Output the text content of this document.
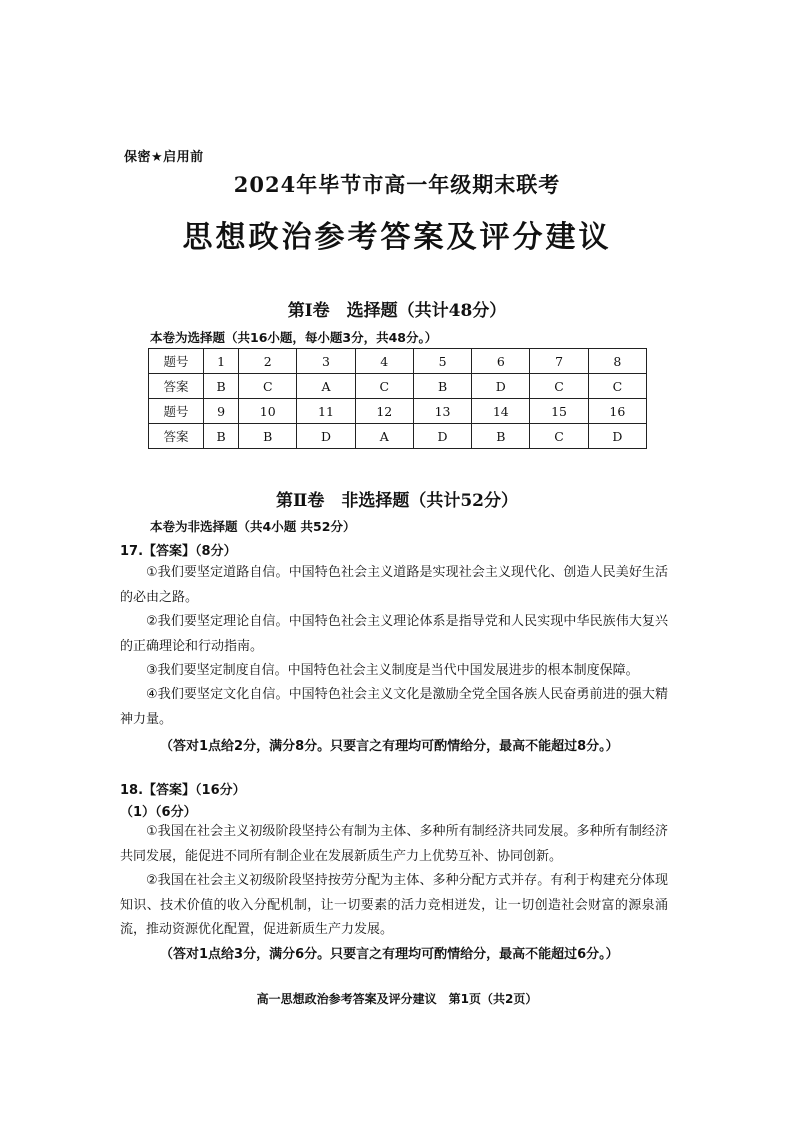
保密★启用前
2024年毕节市高一年级期末联考
思想政治参考答案及评分建议
第Ⅰ卷　选择题（共计48分）
本卷为选择题（共16小题，每小题3分，共48分。）
题号	1	2	3	4	5	6	7	8
答案	B	C	A	C	B	D	C	C
题号	9	10	11	12	13	14	15	16
答案	B	B	D	A	D	B	C	D
第Ⅱ卷　非选择题（共计52分）
本卷为非选择题（共4小题 共52分）
17.【答案】（8分）
①我们要坚定道路自信。中国特色社会主义道路是实现社会主义现代化、创造人民美好生活的必由之路。
②我们要坚定理论自信。中国特色社会主义理论体系是指导党和人民实现中华民族伟大复兴的正确理论和行动指南。
③我们要坚定制度自信。中国特色社会主义制度是当代中国发展进步的根本制度保障。
④我们要坚定文化自信。中国特色社会主义文化是激励全党全国各族人民奋勇前进的强大精神力量。
（答对1点给2分，满分8分。只要言之有理均可酌情给分，最高不能超过8分。）
18.【答案】（16分）
（1）（6分）
①我国在社会主义初级阶段坚持公有制为主体、多种所有制经济共同发展。多种所有制经济共同发展，能促进不同所有制企业在发展新质生产力上优势互补、协同创新。
②我国在社会主义初级阶段坚持按劳分配为主体、多种分配方式并存。有利于构建充分体现知识、技术价值的收入分配机制，让一切要素的活力竞相迸发，让一切创造社会财富的源泉涌流，推动资源优化配置，促进新质生产力发展。
（答对1点给3分，满分6分。只要言之有理均可酌情给分，最高不能超过6分。）
高一思想政治参考答案及评分建议　第1页（共2页）
